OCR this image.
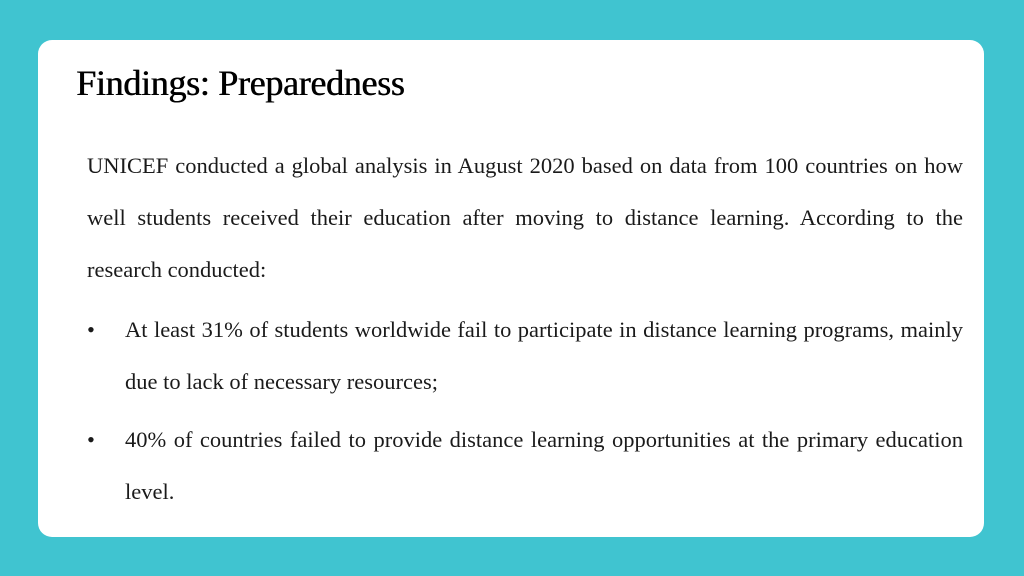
Findings: Preparedness

UNICEF conducted a global analysis in August 2020 based on data from 100 countries on how well students received their education after moving to distance learning. According to the research conducted:

• At least 31% of students worldwide fail to participate in distance learning programs, mainly due to lack of necessary resources;
• 40% of countries failed to provide distance learning opportunities at the primary education level.
